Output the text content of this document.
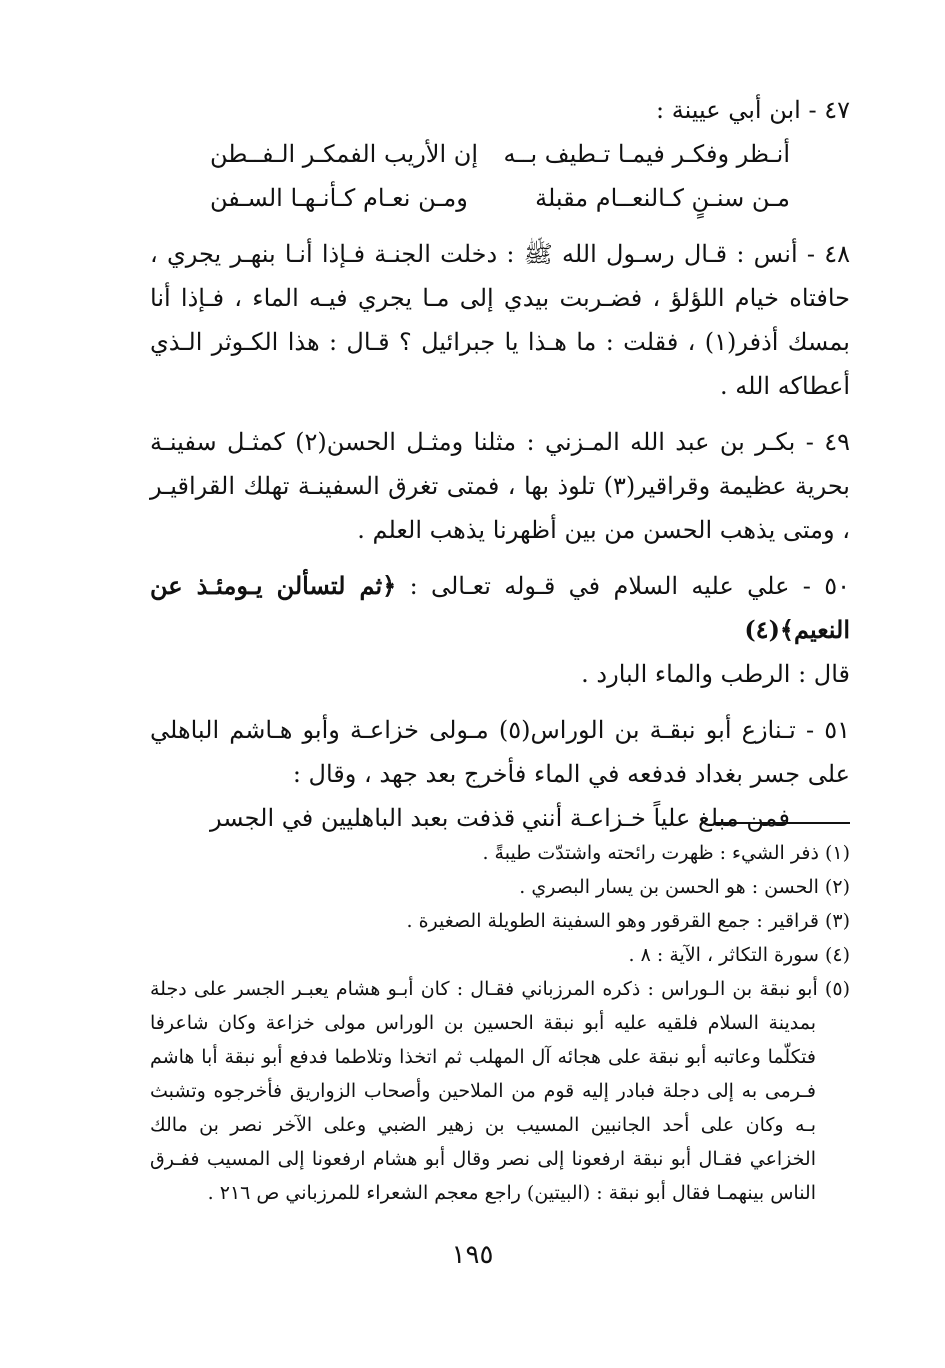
٤٧ - ابن أبي عيينة :
أنـظر وفكـر فيمـا تـطيف بــه
إن الأريب الفمكـر الـفــطن
مـن سنـنٍ كـالنعــام مقبلة
ومـن نعـام كـأنـهـا السـفن
٤٨ - أنس : قـال رسـول الله ﷺ : دخلت الجنـة فـإذا أنـا بنهـر يجري ، حافتاه خيام اللؤلؤ ، فضـربت بيدي إلى مـا يجري فيـه الماء ، فـإذا أنا بمسك أذفر(١) ، فقلت : ما هـذا يا جبرائيل ؟ قـال : هذا الكـوثر الـذي أعطاكه الله .
٤٩ - بكـر بن عبد الله المـزني : مثلنا ومثـل الحسن(٢) كمثـل سفينـة بحرية عظيمة وقراقير(٣) تلوذ بها ، فمتى تغرق السفينـة تهلك القراقيـر ، ومتى يذهب الحسن من بين أظهرنا يذهب العلم .
٥٠ - علي عليه السلام في قـوله تعـالى : ﴿ثم لتسألن يـومئـذ عن النعيم﴾(٤)
قال : الرطب والماء البارد .
٥١ - تـنازع أبو نبقـة بن الوراس(٥) مـولى خزاعـة وأبو هـاشم الباهلي على جسر بغداد فدفعه في الماء فأخرج بعد جهد ، وقال :
فمن مبلغ علياً خـزاعـة أنني
قذفت بعبد الباهليين في الجسر

(١) ذفر الشيء : ظهرت رائحته واشتدّت طيبةً .

(٢) الحسن : هو الحسن بن يسار البصري .

(٣) قراقير : جمع القرقور وهو السفينة الطويلة الصغيرة .

(٤) سورة التكاثر ، الآية : ٨ .

(٥) أبو نبقة بن الـوراس : ذكره المرزباني فقـال : كان أبـو هشام يعبـر الجسر على دجلة بمدينة السلام فلقيه عليه أبو نبقة الحسين بن الوراس مولى خزاعة وكان شاعرفا فتكلّما وعاتبه أبو نبقة على هجائه آل المهلب ثم اتخذا وتلاطما فدفع أبو نبقة أبا هاشم فـرمى به إلى دجلة فبادر إليه قوم من الملاحين وأصحاب الزواريق فأخرجوه وتشبث بـه وكان على أحد الجانبين المسيب بن زهير الضبي وعلى الآخر نصر بن مالك الخزاعي فقـال أبو نبقة ارفعونا إلى نصر وقال أبو هشام ارفعونا إلى المسيب ففـرق الناس بينهمـا فقال أبو نبقة : (البيتين) راجع معجم الشعراء للمرزباني ص ٢١٦ .

١٩٥
